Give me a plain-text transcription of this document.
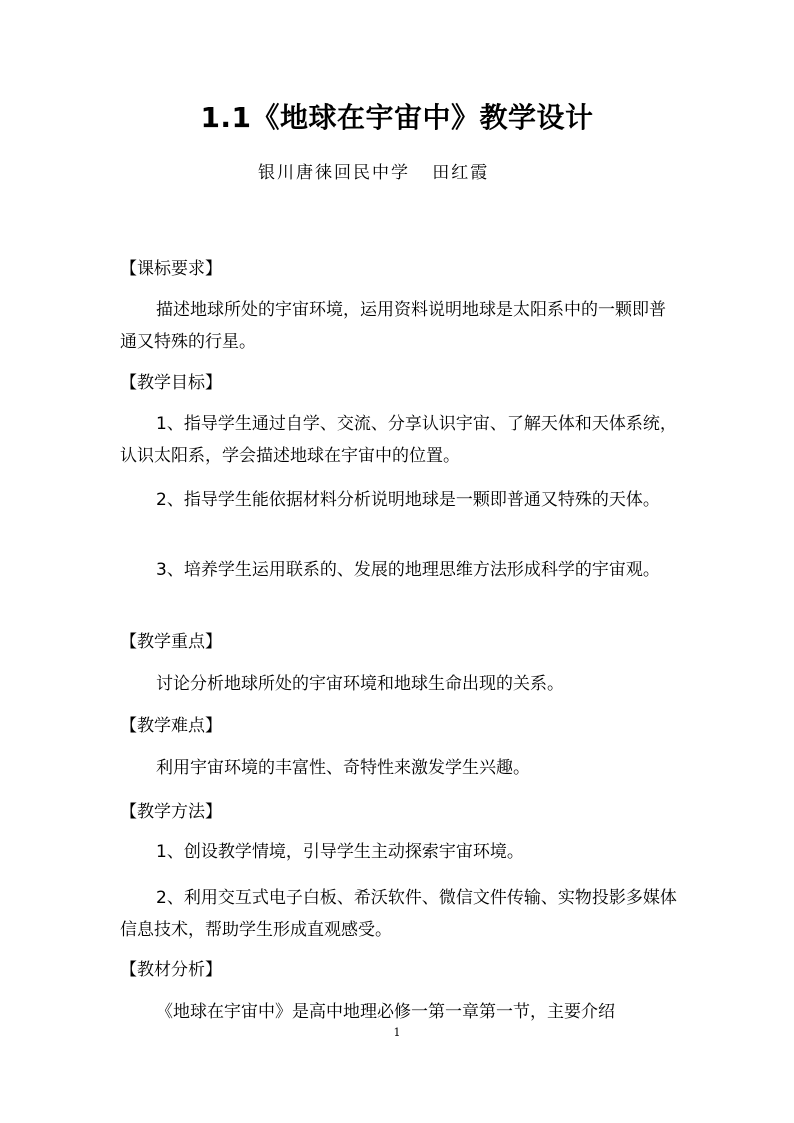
1.1《地球在宇宙中》教学设计
银川唐徕回民中学   田红霞
【课标要求】
描述地球所处的宇宙环境，运用资料说明地球是太阳系中的一颗即普通又特殊的行星。
【教学目标】
1、指导学生通过自学、交流、分享认识宇宙、了解天体和天体系统，认识太阳系，学会描述地球在宇宙中的位置。
2、指导学生能依据材料分析说明地球是一颗即普通又特殊的天体。
3、培养学生运用联系的、发展的地理思维方法形成科学的宇宙观。
【教学重点】
讨论分析地球所处的宇宙环境和地球生命出现的关系。
【教学难点】
利用宇宙环境的丰富性、奇特性来激发学生兴趣。
【教学方法】
1、创设教学情境，引导学生主动探索宇宙环境。
2、利用交互式电子白板、希沃软件、微信文件传输、实物投影多媒体信息技术，帮助学生形成直观感受。
【教材分析】
《地球在宇宙中》是高中地理必修一第一章第一节，主要介绍
1
